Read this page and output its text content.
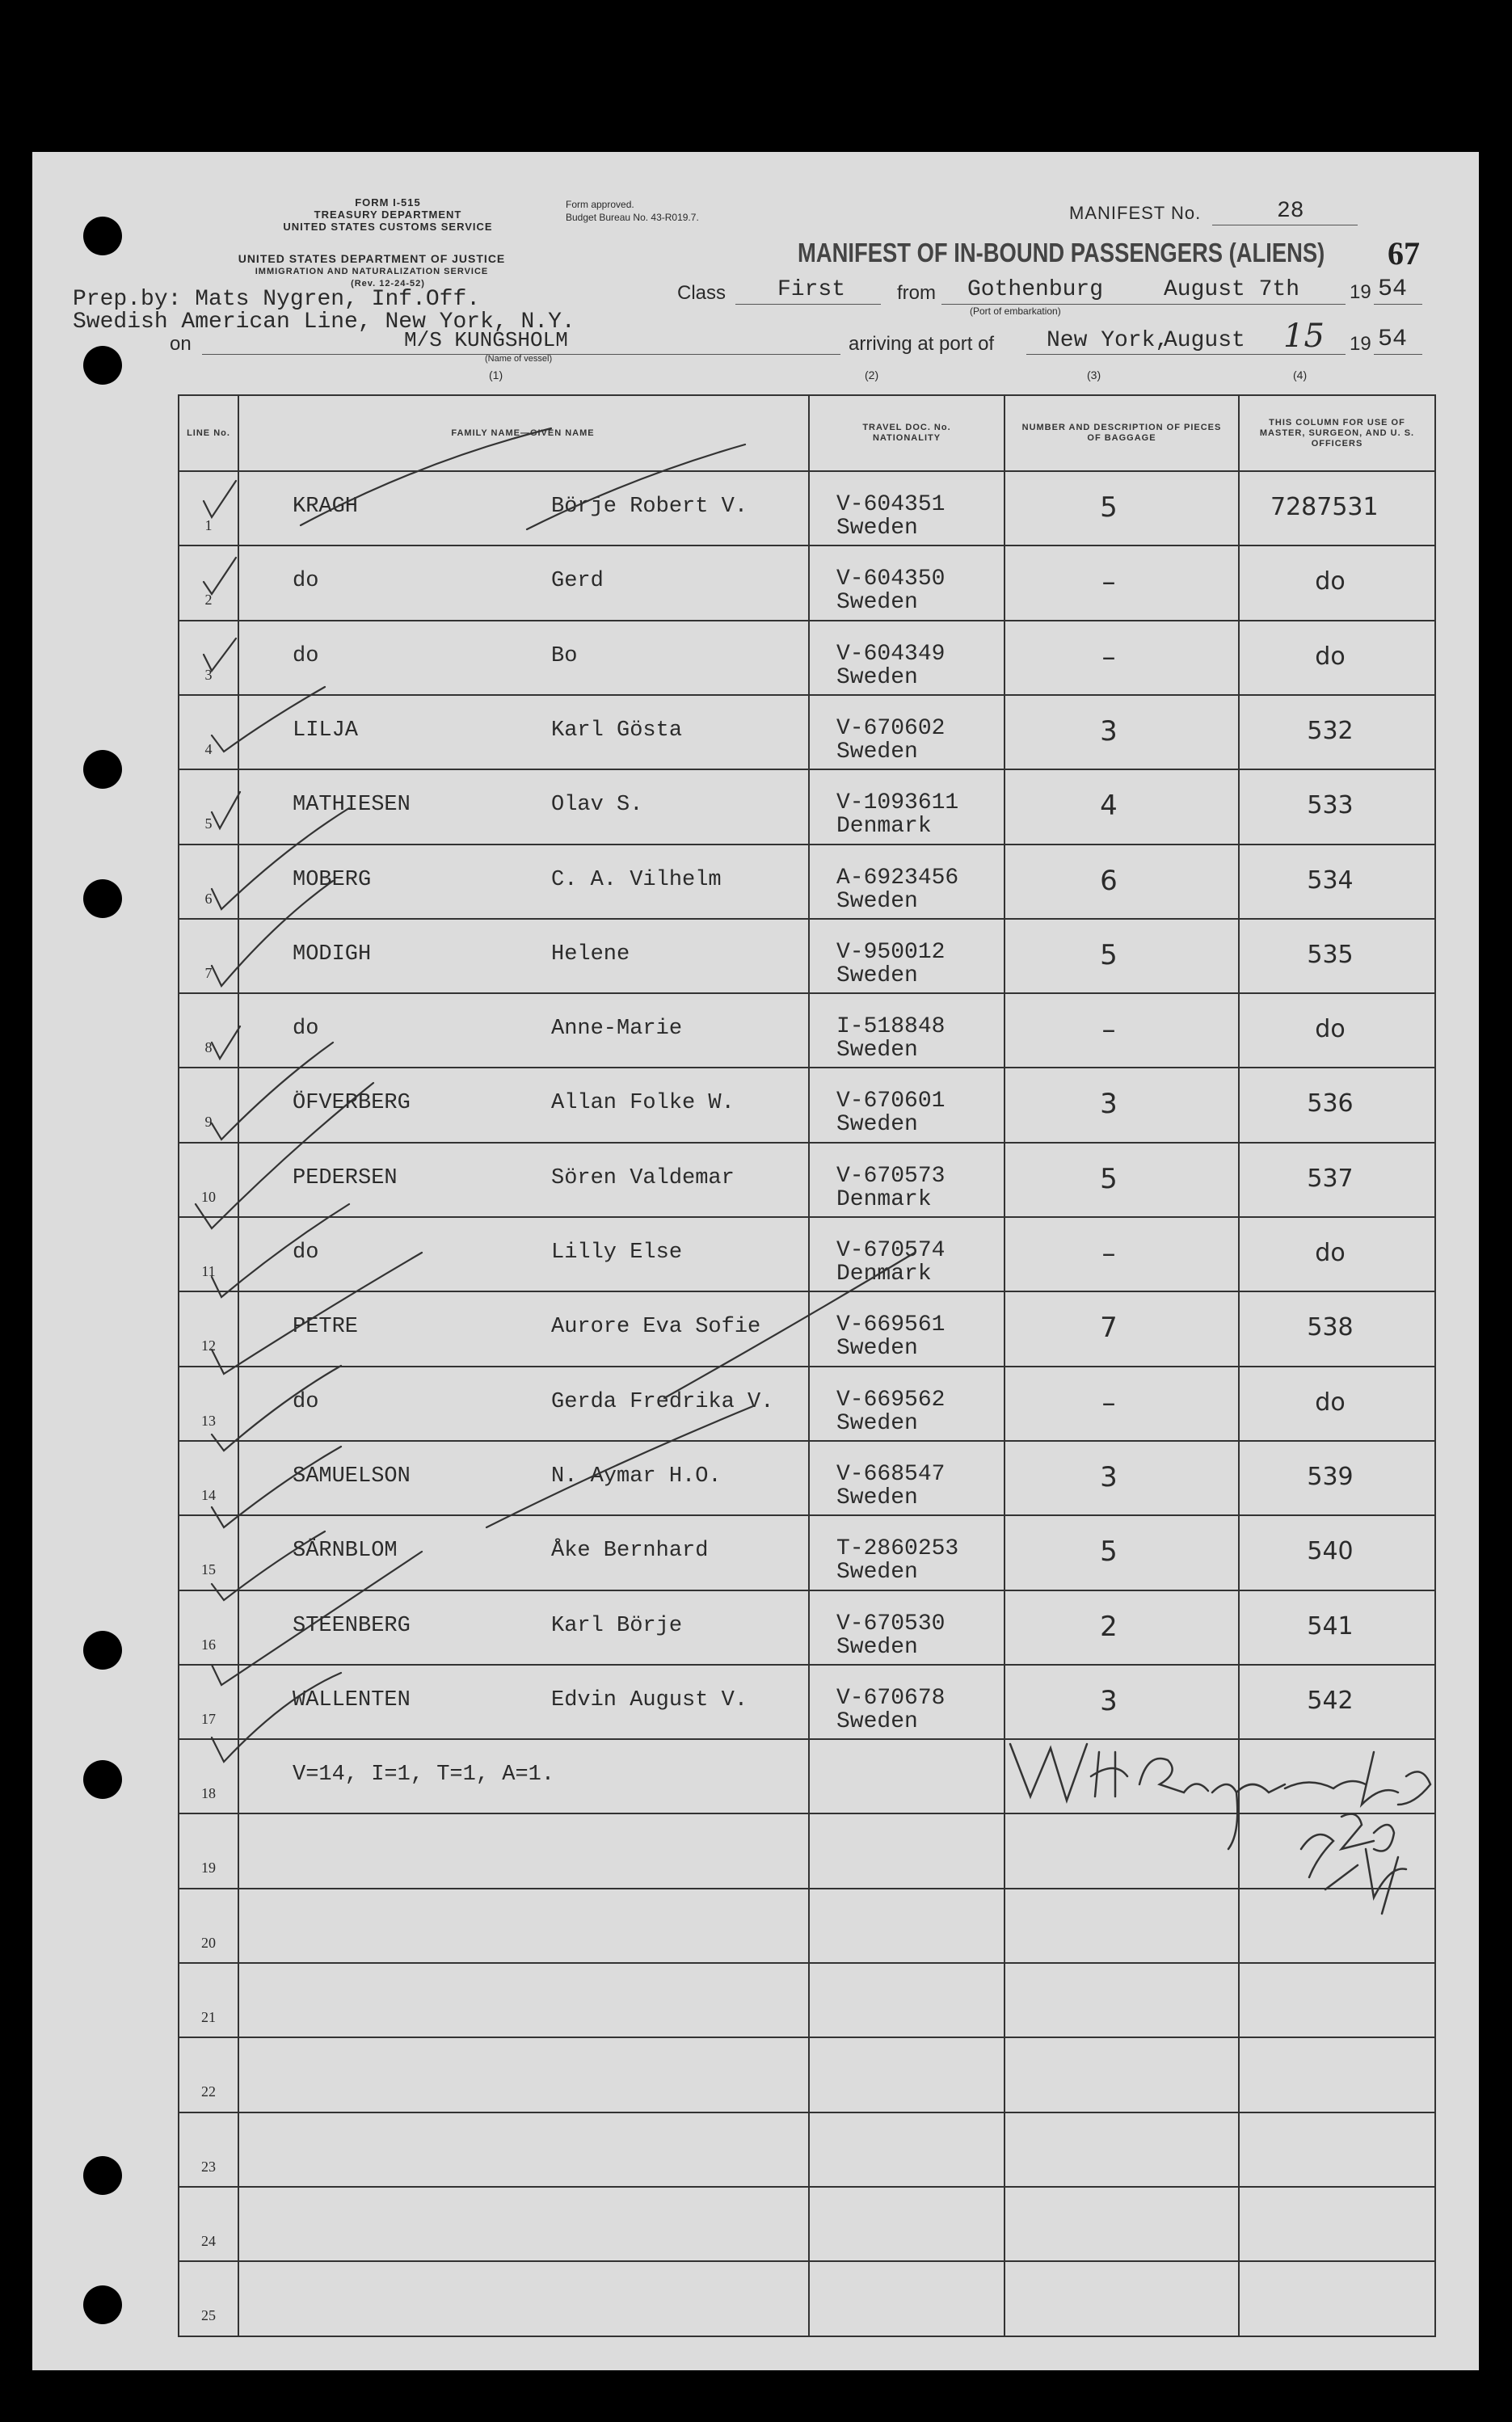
FORM I-515
TREASURY DEPARTMENT
UNITED STATES CUSTOMS SERVICE
UNITED STATES DEPARTMENT OF JUSTICE
IMMIGRATION AND NATURALIZATION SERVICE
(Rev. 12-24-52)
Form approved.
Budget Bureau No. 43-R019.7.
Prep.by: Mats Nygren, Inf.Off.
Swedish American Line, New York, N.Y.
MANIFEST No.	28
MANIFEST OF IN-BOUND PASSENGERS (ALIENS) 67
Class First	from Gothenburg	August 7th	19 54
(Port of embarkation)
on	M/S KUNGSHOLM
(Name of vessel)
arriving at port of New York,
August 15 19 54
(1)	(2)	(3)	(4)
LINE No.	FAMILY NAME—GIVEN NAME
TRAVEL DOC. No. NATIONALITY
NUMBER AND DESCRIPTION OF PIECES OF BAGGAGE
THIS COLUMN FOR USE OF MASTER, SURGEON, AND U. S. OFFICERS
1
KRAGH	Börje Robert V.	V-604351
Sweden
5	7287531
2
do	Gerd	V-604350
Sweden
–	do
3
do	Bo	V-604349
Sweden
–	do
4
LILJA	Karl Gösta	V-670602
Sweden
3	532
5
MATHIESEN	Olav S.	V-1093611
Denmark
4	533
6
MOBERG	C. A. Vilhelm	A-6923456
Sweden
6	534
7
MODIGH	Helene	V-950012
Sweden
5	535
8
do	Anne-Marie	I-518848
Sweden
–	do
9
ÖFVERBERG	Allan Folke W.	V-670601
Sweden
3	536
10
PEDERSEN	Sören Valdemar	V-670573
Denmark
5	537
11
do	Lilly Else	V-670574
Denmark
–	do
12
PETRE	Aurore Eva Sofie	V-669561
Sweden
7	538
13
do	Gerda Fredrika V.	V-669562
Sweden
–	do
14
SAMUELSON	N. Aymar H.O.	V-668547
Sweden
3	539
15
SÄRNBLOM	Åke Bernhard	T-2860253
Sweden
5	540
16
STEENBERG	Karl Börje	V-670530
Sweden
2	541
17
WALLENTEN	Edvin August V.	V-670678
Sweden
3	542
18
V=14, I=1, T=1, A=1.
19
20
21
22
23
24
25
